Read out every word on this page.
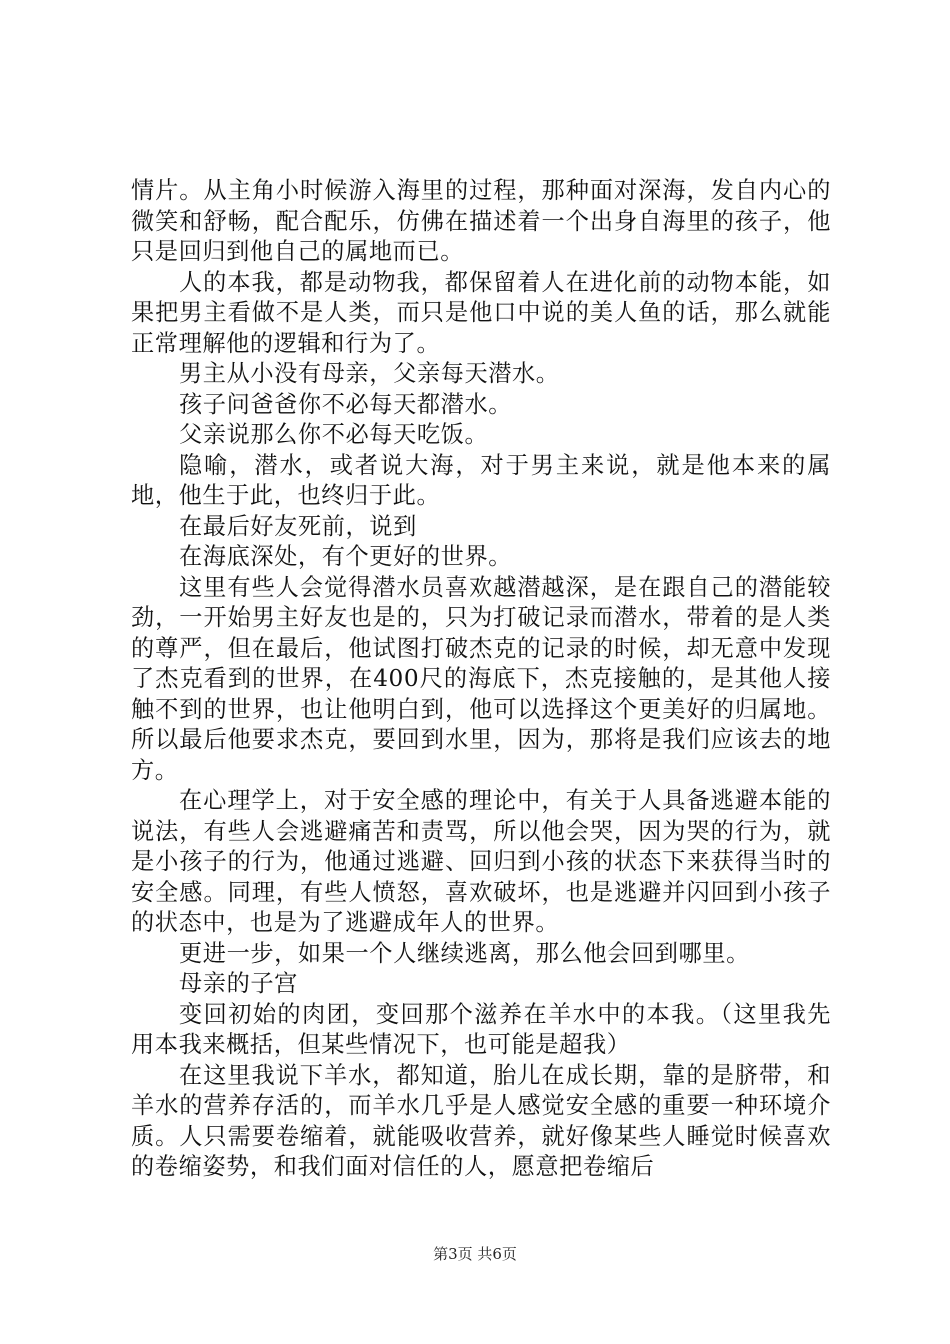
情片。从主角小时候游入海里的过程，那种面对深海，发自内心的微笑和舒畅，配合配乐，仿佛在描述着一个出身自海里的孩子，他只是回归到他自己的属地而已。

人的本我，都是动物我，都保留着人在进化前的动物本能，如果把男主看做不是人类，而只是他口中说的美人鱼的话，那么就能正常理解他的逻辑和行为了。

男主从小没有母亲，父亲每天潜水。

孩子问爸爸你不必每天都潜水。

父亲说那么你不必每天吃饭。

隐喻，潜水，或者说大海，对于男主来说，就是他本来的属地，他生于此，也终归于此。

在最后好友死前，说到

在海底深处，有个更好的世界。

这里有些人会觉得潜水员喜欢越潜越深，是在跟自己的潜能较劲，一开始男主好友也是的，只为打破记录而潜水，带着的是人类的尊严，但在最后，他试图打破杰克的记录的时候，却无意中发现了杰克看到的世界，在400尺的海底下，杰克接触的，是其他人接触不到的世界，也让他明白到，他可以选择这个更美好的归属地。所以最后他要求杰克，要回到水里，因为，那将是我们应该去的地方。

在心理学上，对于安全感的理论中，有关于人具备逃避本能的说法，有些人会逃避痛苦和责骂，所以他会哭，因为哭的行为，就是小孩子的行为，他通过逃避、回归到小孩的状态下来获得当时的安全感。同理，有些人愤怒，喜欢破坏，也是逃避并闪回到小孩子的状态中，也是为了逃避成年人的世界。

更进一步，如果一个人继续逃离，那么他会回到哪里。

母亲的子宫

变回初始的肉团，变回那个滋养在羊水中的本我。（这里我先用本我来概括，但某些情况下，也可能是超我）

在这里我说下羊水，都知道，胎儿在成长期，靠的是脐带，和羊水的营养存活的，而羊水几乎是人感觉安全感的重要一种环境介质。人只需要卷缩着，就能吸收营养，就好像某些人睡觉时候喜欢的卷缩姿势，和我们面对信任的人，愿意把卷缩后

第3页 共6页
